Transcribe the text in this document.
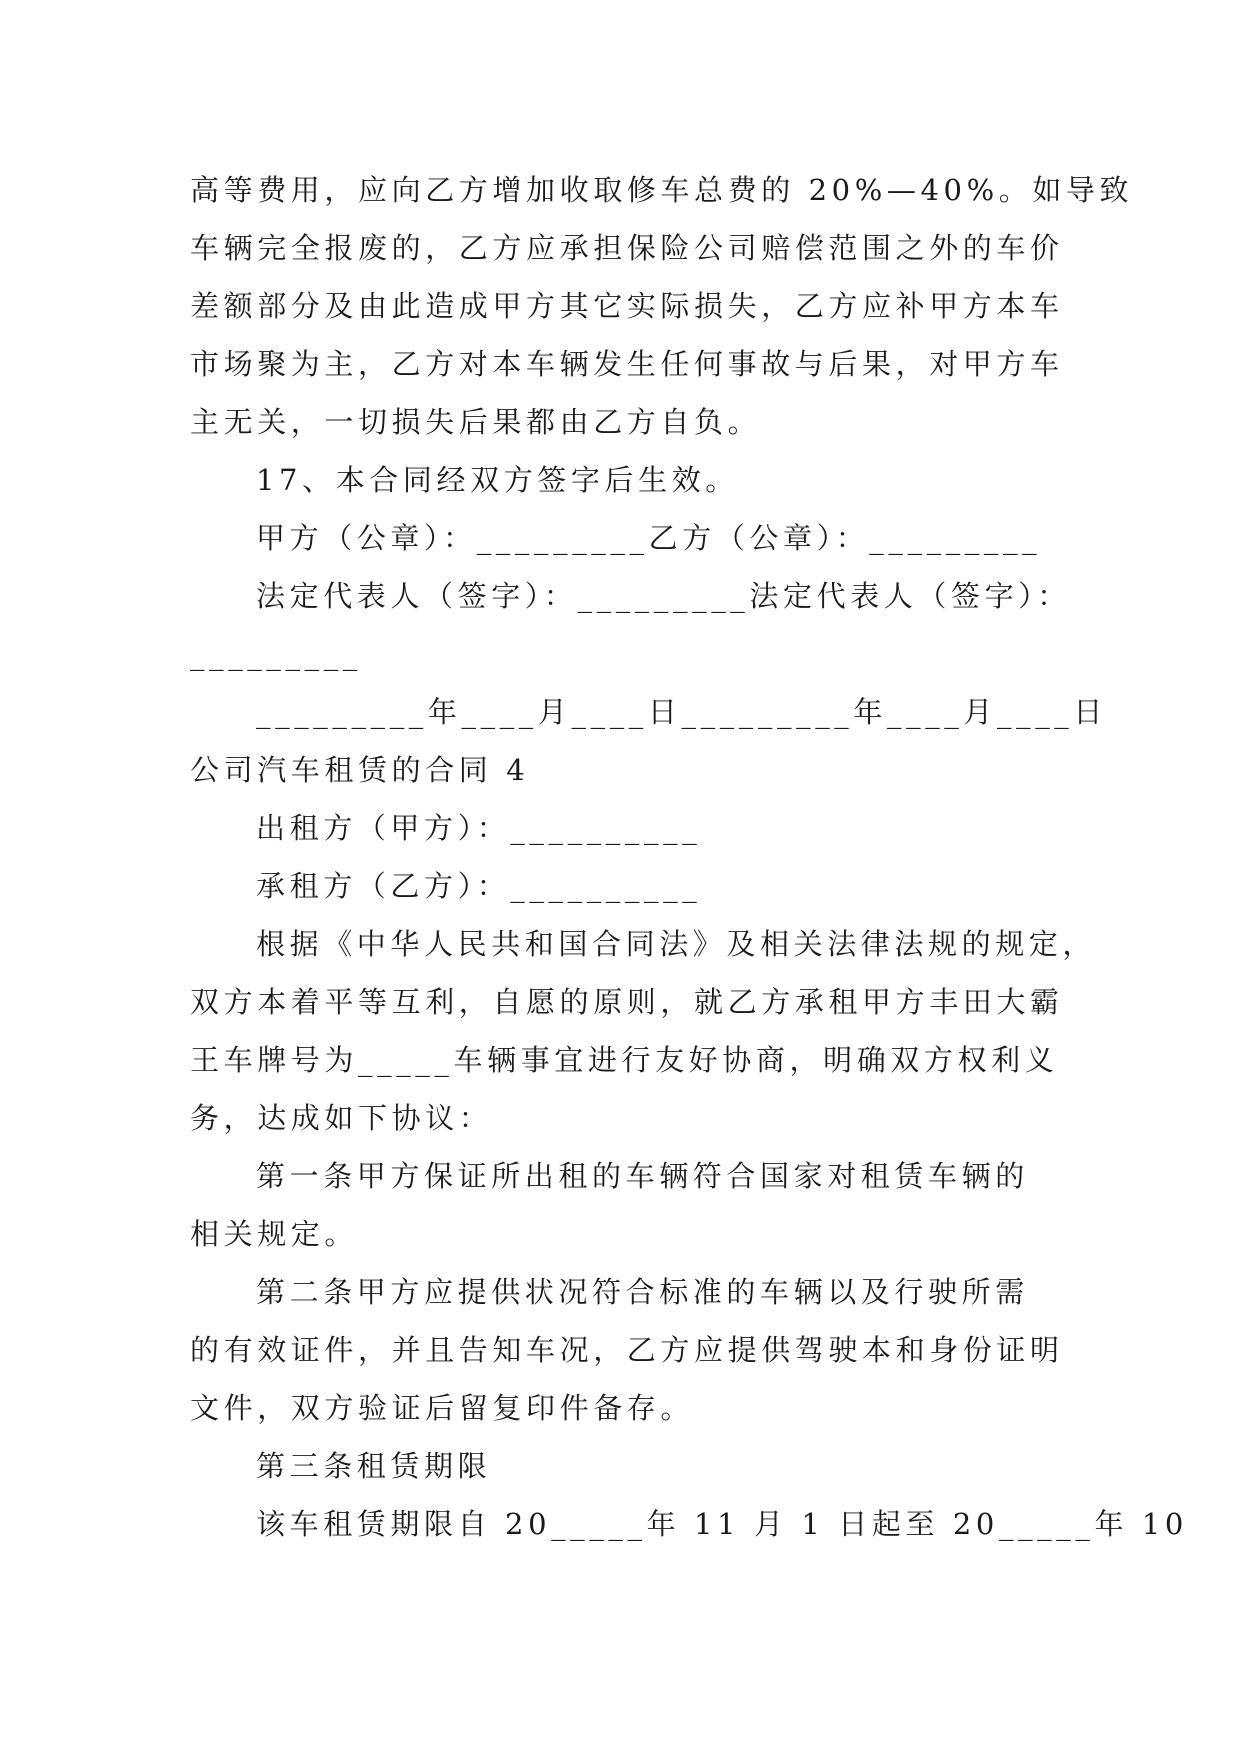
高等费用，应向乙方增加收取修车总费的 20%—40%。如导致
车辆完全报废的，乙方应承担保险公司赔偿范围之外的车价
差额部分及由此造成甲方其它实际损失，乙方应补甲方本车
市场聚为主，乙方对本车辆发生任何事故与后果，对甲方车
主无关，一切损失后果都由乙方自负。
17、本合同经双方签字后生效。
甲方（公章）：_________乙方（公章）：_________
法定代表人（签字）：_________法定代表人（签字）：
_________
_________年____月____日_________年____月____日
公司汽车租赁的合同 4
出租方（甲方）：__________
承租方（乙方）：__________
根据《中华人民共和国合同法》及相关法律法规的规定，
双方本着平等互利，自愿的原则，就乙方承租甲方丰田大霸
王车牌号为_____车辆事宜进行友好协商，明确双方权利义
务，达成如下协议：
第一条甲方保证所出租的车辆符合国家对租赁车辆的
相关规定。
第二条甲方应提供状况符合标准的车辆以及行驶所需
的有效证件，并且告知车况，乙方应提供驾驶本和身份证明
文件，双方验证后留复印件备存。
第三条租赁期限
该车租赁期限自 20_____年 11 月 1 日起至 20_____年 10
